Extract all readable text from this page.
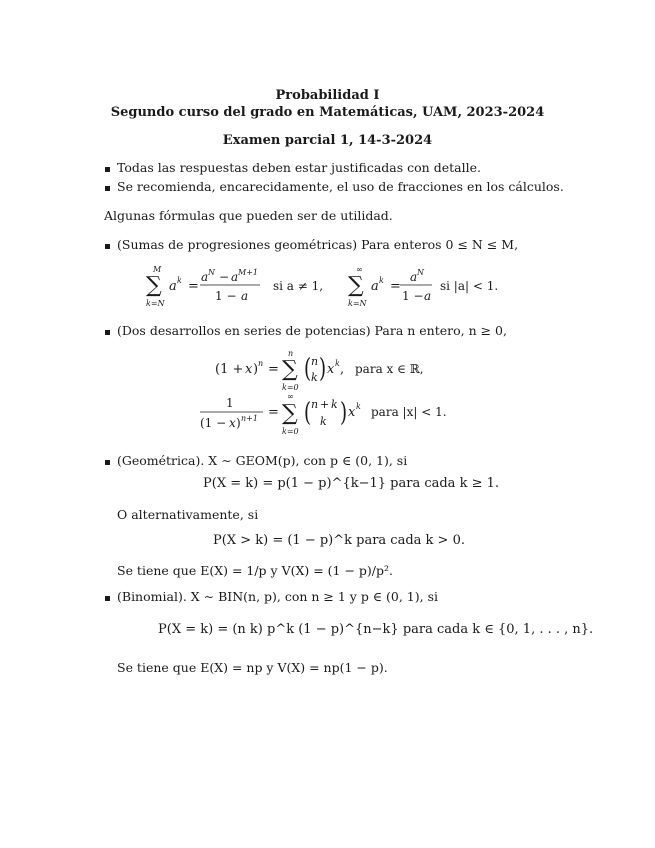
Probabilidad I
Segundo curso del grado en Matemáticas, UAM, 2023-2024
Examen parcial 1, 14-3-2024
Todas las respuestas deben estar justificadas con detalle.
Se recomienda, encarecidamente, el uso de fracciones en los cálculos.
Algunas fórmulas que pueden ser de utilidad.
(Sumas de progresiones geométricas) Para enteros 0 ≤ N ≤ M,
M
∑
k=N
a k =
a N − a M+1
1 − a
si a ≠ 1,
∞
∑
k=N
a k =
a N
1 − a
si |a| < 1.
(Dos desarrollos en series de potencias) Para n entero, n ≥ 0,
(1 + x ) n =
n
∑
k=0
( n
k ) x k , para x ∈ ℝ,
1
(1 − x ) n+1 =
∞
∑
k=0
( n + k
k ) x k para |x| < 1.
(Geométrica). X ∼ GEOM(p), con p ∈ (0, 1), si
P(X = k) = p(1 − p)^{k−1} para cada k ≥ 1.
O alternativamente, si
P(X > k) = (1 − p)^k para cada k > 0.
Se tiene que E(X) = 1/p y V(X) = (1 − p)/p².
(Binomial). X ∼ BIN(n, p), con n ≥ 1 y p ∈ (0, 1), si
P(X = k) = (n k) p^k (1 − p)^{n−k} para cada k ∈ {0, 1, . . . , n}.
Se tiene que E(X) = np y V(X) = np(1 − p).
